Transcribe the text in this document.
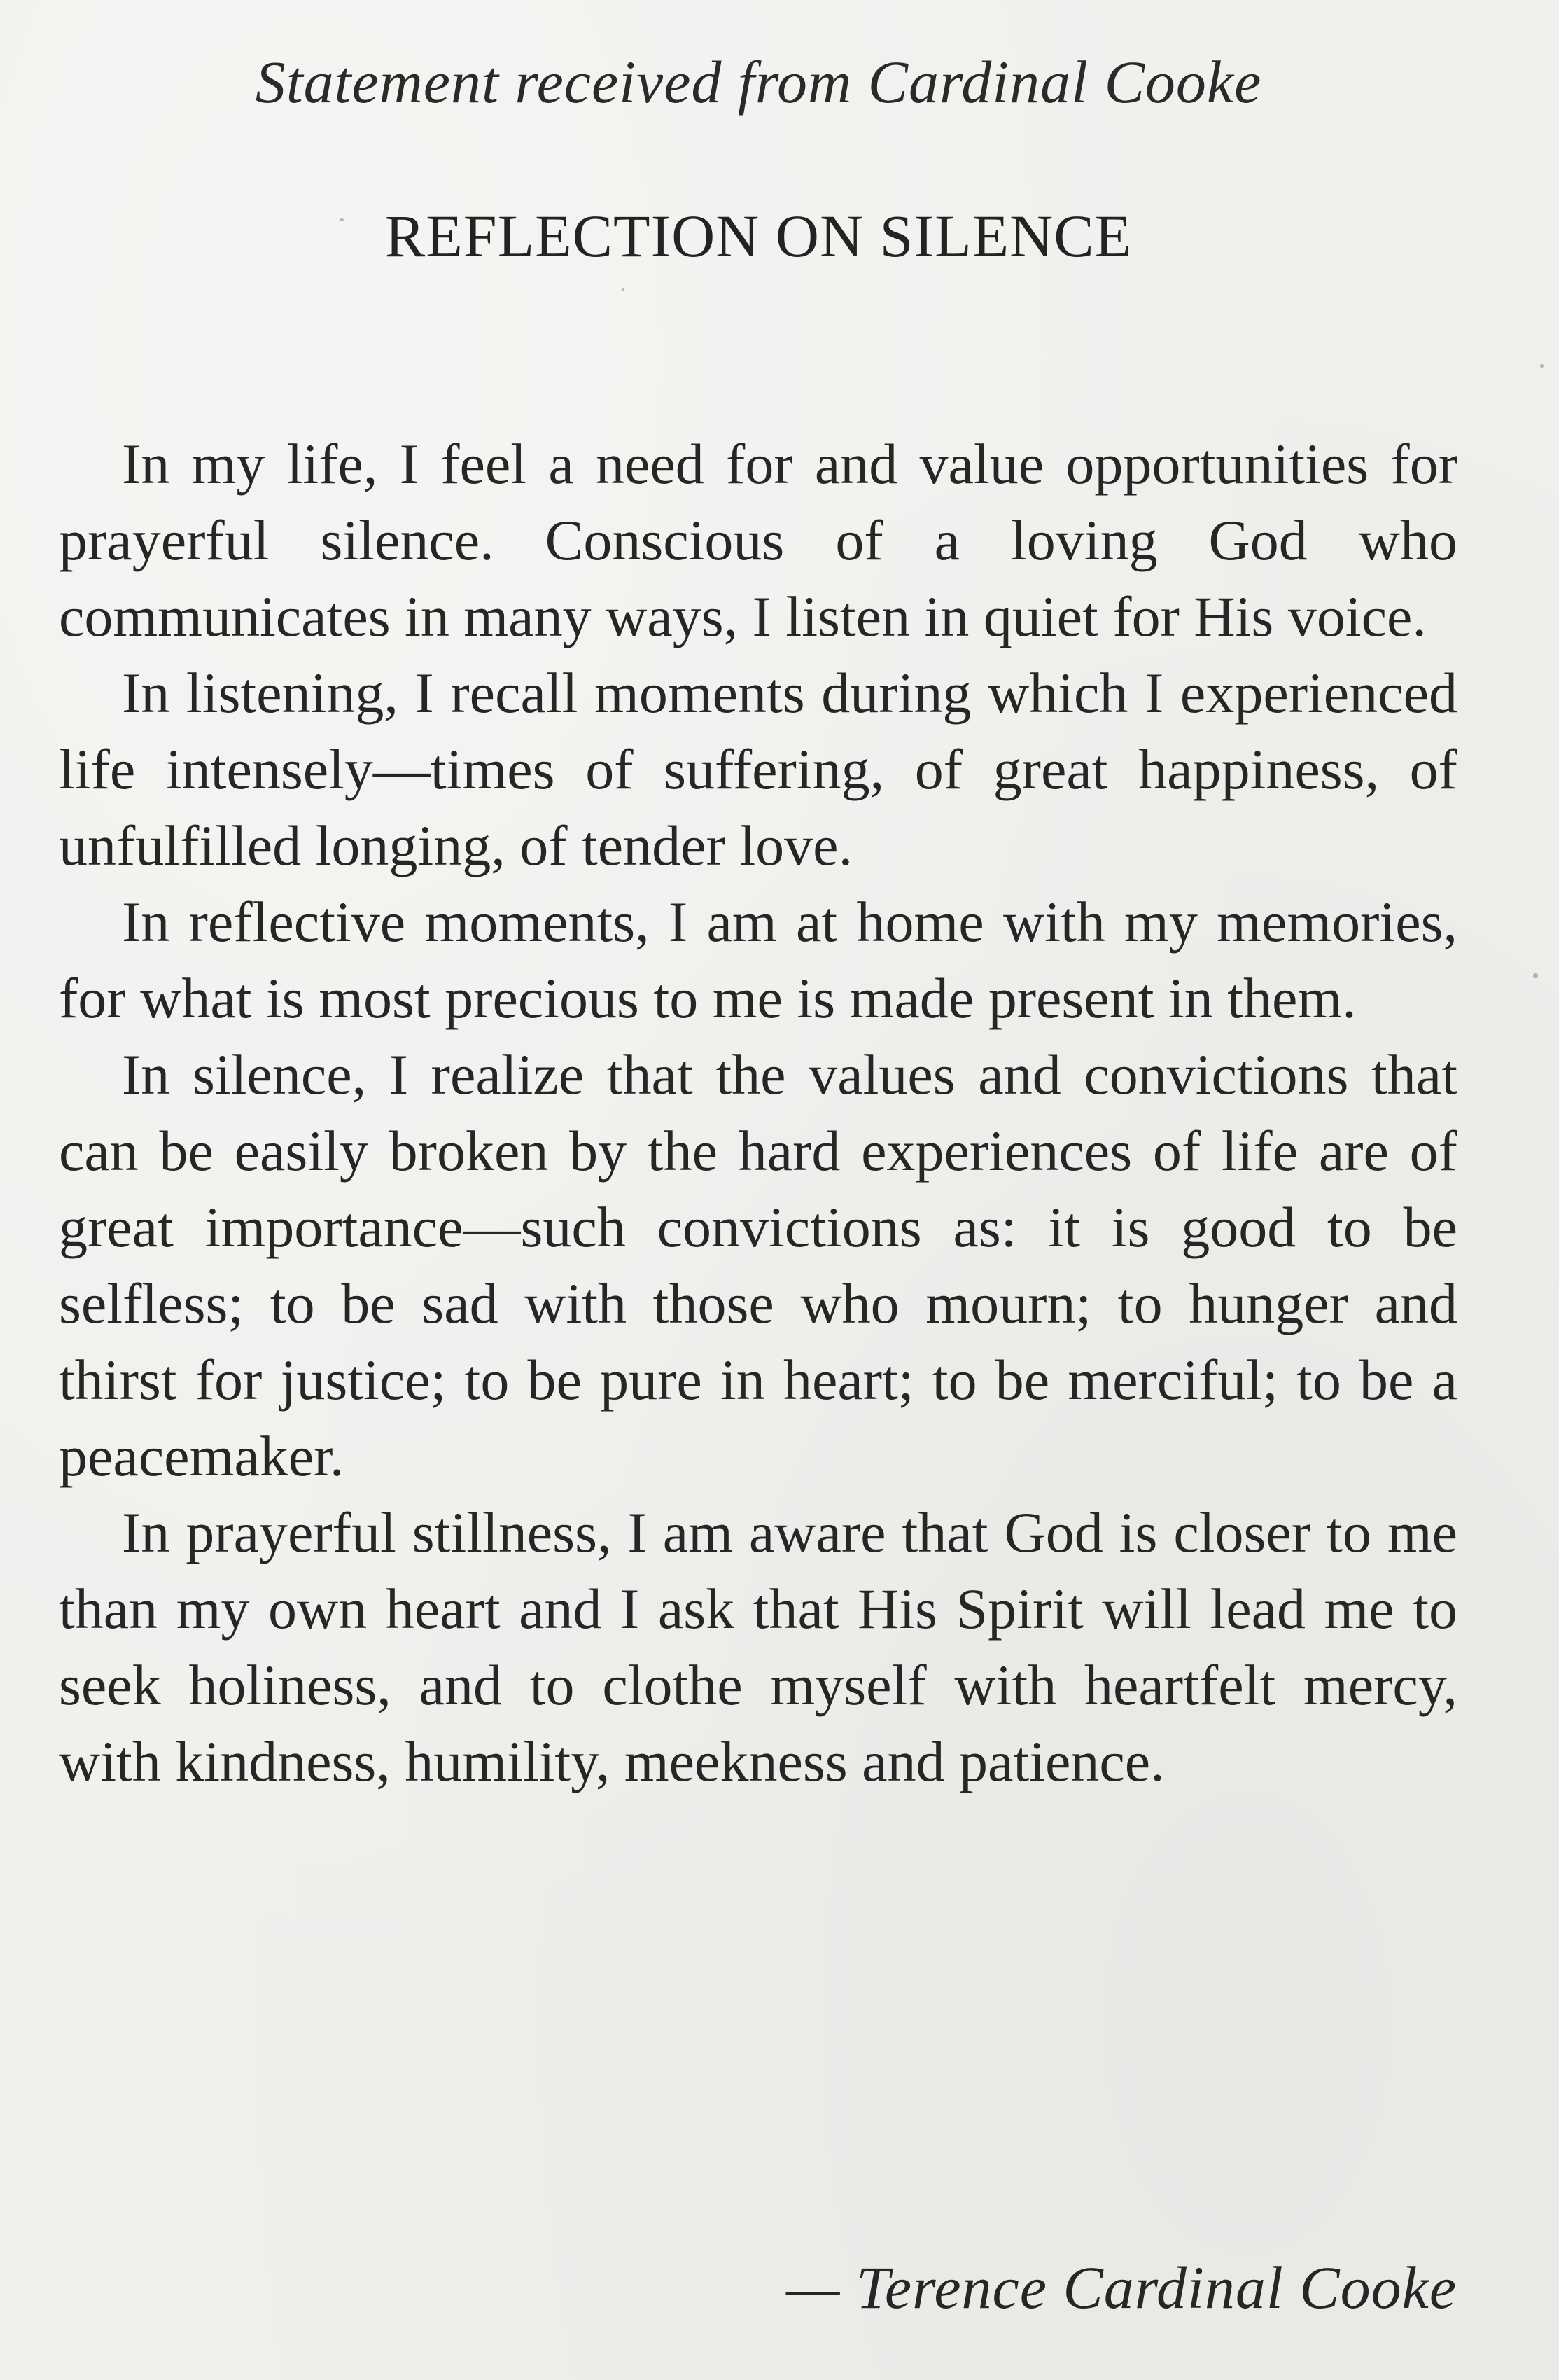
Statement received from Cardinal Cooke
REFLECTION ON SILENCE

In my life, I feel a need for and value opportunities for prayerful silence. Conscious of a loving God who communicates in many ways, I listen in quiet for His voice.

In listening, I recall moments during which I experienced life intensely—times of suffering, of great happiness, of unfulfilled longing, of tender love.

In reflective moments, I am at home with my memories, for what is most precious to me is made present in them.

In silence, I realize that the values and convictions that can be easily broken by the hard experiences of life are of great importance—such convictions as: it is good to be selfless; to be sad with those who mourn; to hunger and thirst for justice; to be pure in heart; to be merciful; to be a peacemaker.

In prayerful stillness, I am aware that God is closer to me than my own heart and I ask that His Spirit will lead me to seek holiness, and to clothe myself with heartfelt mercy, with kindness, humility, meekness and patience.

— Terence Cardinal Cooke
